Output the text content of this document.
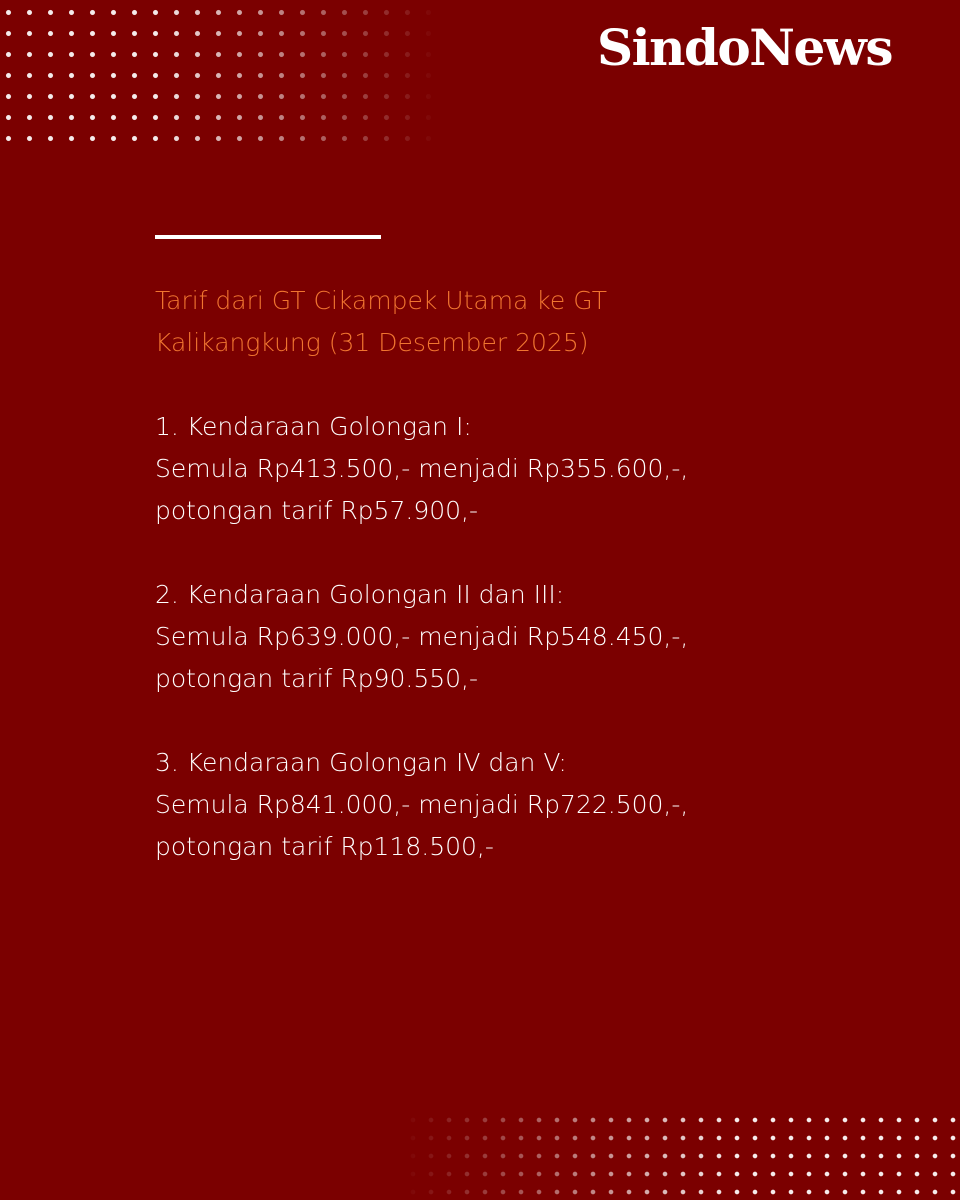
SindoNews
Tarif dari GT Cikampek Utama ke GT
Kalikangkung (31 Desember 2025)
1. Kendaraan Golongan I:
Semula Rp413.500,- menjadi Rp355.600,-,
potongan tarif Rp57.900,-
2. Kendaraan Golongan II dan III:
Semula Rp639.000,- menjadi Rp548.450,-,
potongan tarif Rp90.550,-
3. Kendaraan Golongan IV dan V:
Semula Rp841.000,- menjadi Rp722.500,-,
potongan tarif Rp118.500,-
